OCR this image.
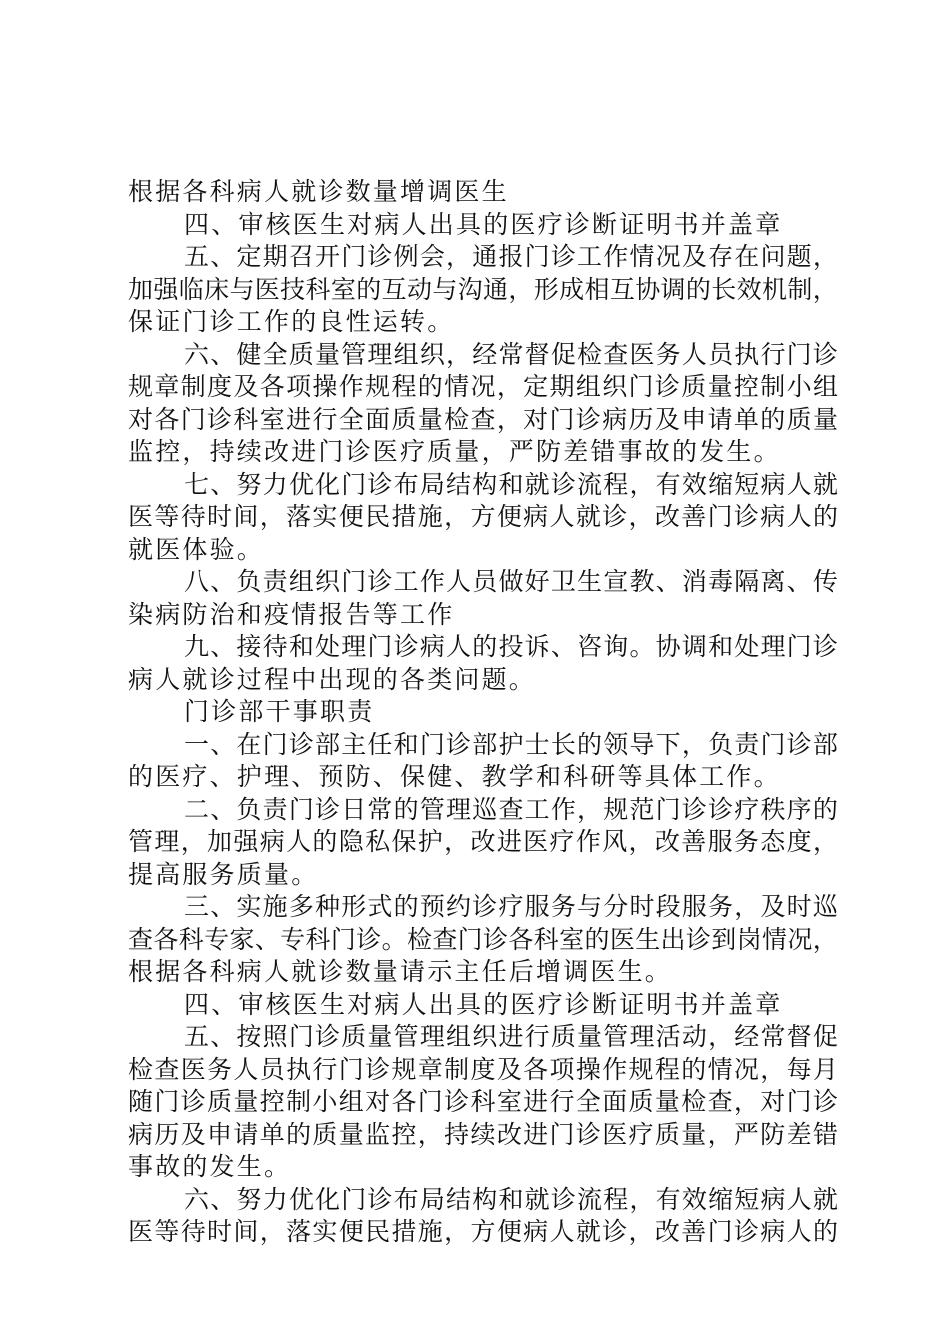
根据各科病人就诊数量增调医生
四、审核医生对病人出具的医疗诊断证明书并盖章
五 、 定 期 召 开 门 诊 例 会 ， 通 报 门 诊 工 作 情 况 及 存 在 问 题 ，
加 强 临 床 与 医 技 科 室 的 互 动 与 沟 通 ， 形 成 相 互 协 调 的 长 效 机 制 ，
保证门诊工作的良性运转。
六 、 健 全 质 量 管 理 组 织 ， 经 常 督 促 检 查 医 务 人 员 执 行 门 诊
规 章 制 度 及 各 项 操 作 规 程 的 情 况 ， 定 期 组 织 门 诊 质 量 控 制 小 组
对 各 门 诊 科 室 进 行 全 面 质 量 检 查 ， 对 门 诊 病 历 及 申 请 单 的 质 量
监控，持续改进门诊医疗质量，严防差错事故的发生。
七 、 努 力 优 化 门 诊 布 局 结 构 和 就 诊 流 程 ， 有 效 缩 短 病 人 就
医 等 待 时 间 ， 落 实 便 民 措 施 ， 方 便 病 人 就 诊 ， 改 善 门 诊 病 人 的
就医体验。
八 、 负 责 组 织 门 诊 工 作 人 员 做 好 卫 生 宣 教 、 消 毒 隔 离 、 传
染病防治和疫情报告等工作
九 、 接 待 和 处 理 门 诊 病 人 的 投 诉 、 咨 询 。 协 调 和 处 理 门 诊
病人就诊过程中出现的各类问题。
门诊部干事职责
一 、 在 门 诊 部 主 任 和 门 诊 部 护 士 长 的 领 导 下 ， 负 责 门 诊 部
的医疗、护理、预防、保健、教学和科研等具体工作。
二 、 负 责 门 诊 日 常 的 管 理 巡 查 工 作 ， 规 范 门 诊 诊 疗 秩 序 的
管 理 ， 加 强 病 人 的 隐 私 保 护 ， 改 进 医 疗 作 风 ， 改 善 服 务 态 度 ，
提高服务质量。
三 、 实 施 多 种 形 式 的 预 约 诊 疗 服 务 与 分 时 段 服 务 ， 及 时 巡
查 各 科 专 家 、 专 科 门 诊 。 检 查 门 诊 各 科 室 的 医 生 出 诊 到 岗 情 况 ，
根据各科病人就诊数量请示主任后增调医生。
四、审核医生对病人出具的医疗诊断证明书并盖章
五 、 按 照 门 诊 质 量 管 理 组 织 进 行 质 量 管 理 活 动 ， 经 常 督 促
检 查 医 务 人 员 执 行 门 诊 规 章 制 度 及 各 项 操 作 规 程 的 情 况 ， 每 月
随 门 诊 质 量 控 制 小 组 对 各 门 诊 科 室 进 行 全 面 质 量 检 查 ， 对 门 诊
病 历 及 申 请 单 的 质 量 监 控 ， 持 续 改 进 门 诊 医 疗 质 量 ， 严 防 差 错
事故的发生。
六 、 努 力 优 化 门 诊 布 局 结 构 和 就 诊 流 程 ， 有 效 缩 短 病 人 就
医 等 待 时 间 ， 落 实 便 民 措 施 ， 方 便 病 人 就 诊 ， 改 善 门 诊 病 人 的
